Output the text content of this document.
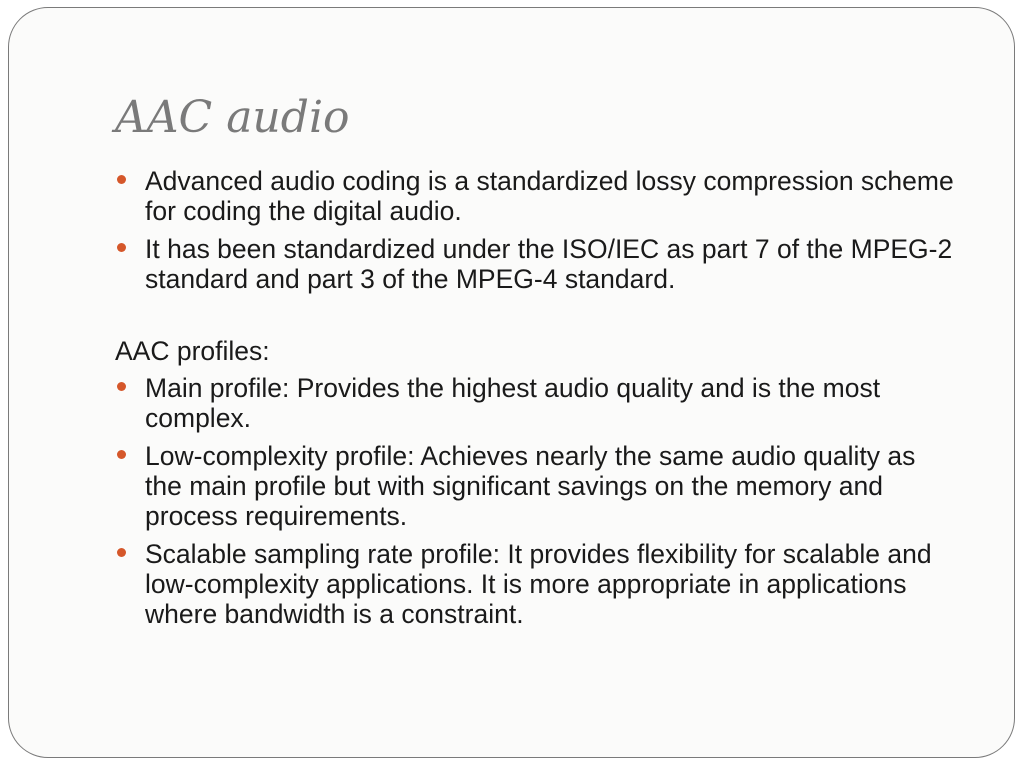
AAC audio
Advanced audio coding is a standardized lossy compression scheme for coding the digital audio.
It has been standardized under the ISO/IEC as part 7 of the MPEG-2 standard and part 3 of the MPEG-4 standard.

AAC profiles:

Main profile: Provides the highest audio quality and is the most complex.
Low-complexity profile: Achieves nearly the same audio quality as the main profile but with significant savings on the memory and process requirements.
Scalable sampling rate profile: It provides flexibility for scalable and low-complexity applications. It is more appropriate in applications where bandwidth is a constraint.
